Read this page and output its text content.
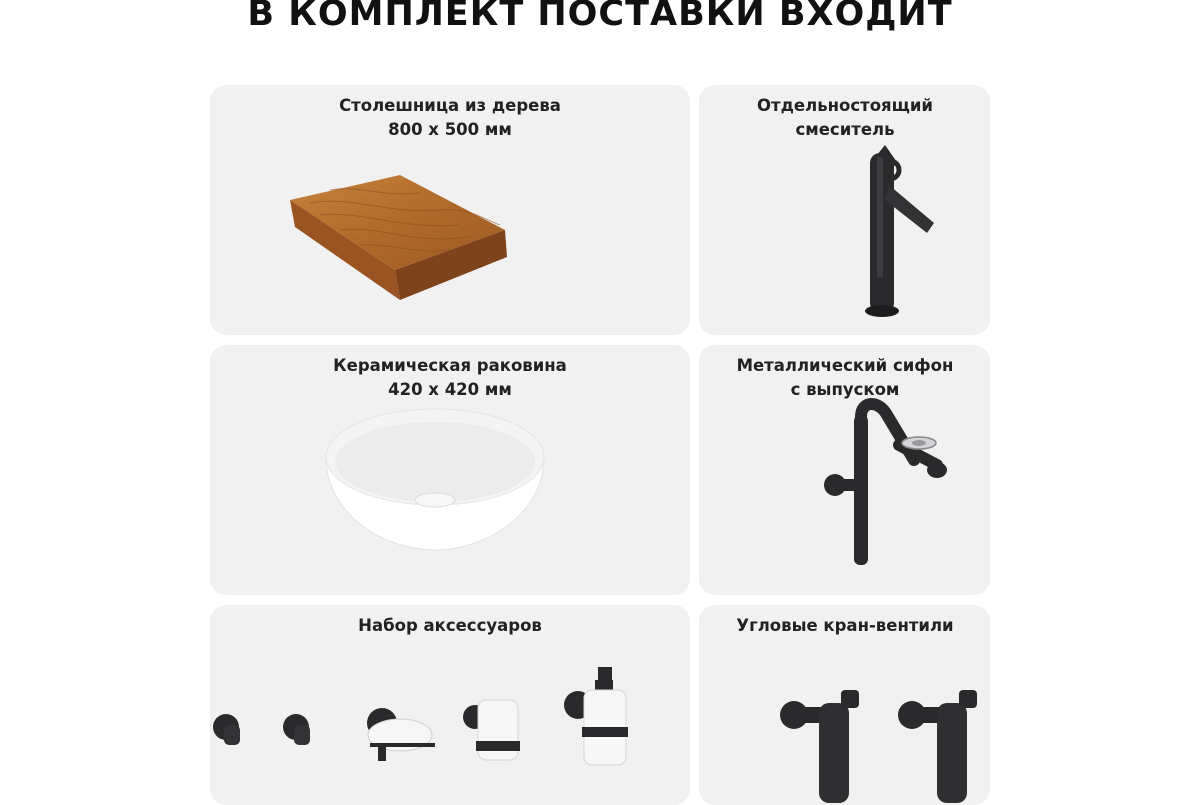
В КОМПЛЕКТ ПОСТАВКИ ВХОДИТ
Столешница из дерева
800 х 500 мм
Отдельностоящий
смеситель
Керамическая раковина
420 х 420 мм
Металлический сифон
с выпуском
Набор аксессуаров	Угловые кран-вентили
